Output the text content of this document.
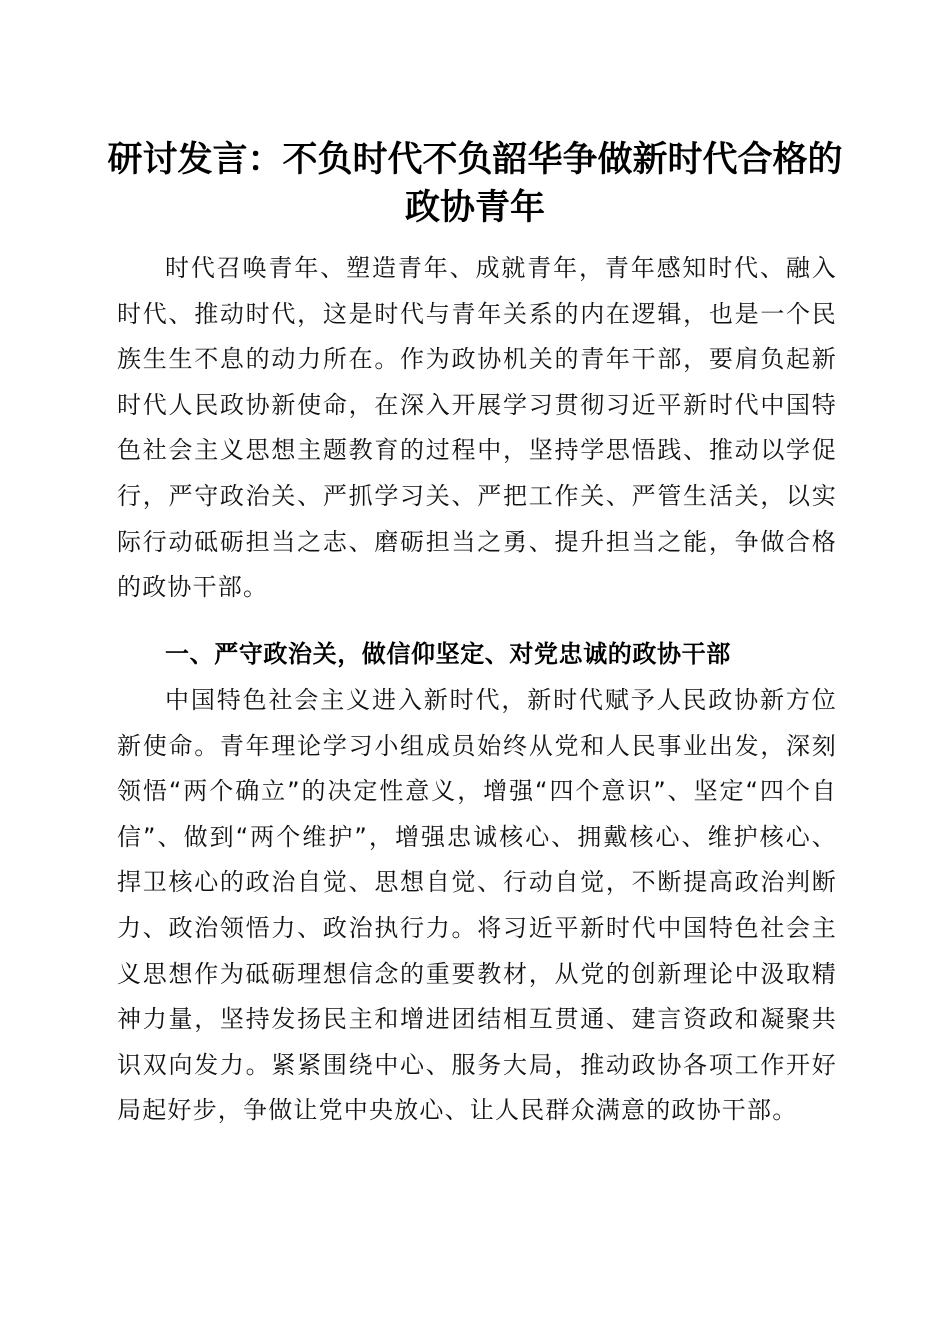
研讨发言：不负时代不负韶华争做新时代合格的政协青年

时代召唤青年、塑造青年、成就青年，青年感知时代、融入时代、推动时代，这是时代与青年关系的内在逻辑，也是一个民族生生不息的动力所在。作为政协机关的青年干部，要肩负起新时代人民政协新使命，在深入开展学习贯彻习近平新时代中国特色社会主义思想主题教育的过程中，坚持学思悟践、推动以学促行，严守政治关、严抓学习关、严把工作关、严管生活关，以实际行动砥砺担当之志、磨砺担当之勇、提升担当之能，争做合格的政协干部。

一、严守政治关，做信仰坚定、对党忠诚的政协干部

中国特色社会主义进入新时代，新时代赋予人民政协新方位新使命。青年理论学习小组成员始终从党和人民事业出发，深刻领悟“两个确立”的决定性意义，增强“四个意识”、坚定“四个自信”、做到“两个维护”，增强忠诚核心、拥戴核心、维护核心、捍卫核心的政治自觉、思想自觉、行动自觉，不断提高政治判断力、政治领悟力、政治执行力。将习近平新时代中国特色社会主义思想作为砥砺理想信念的重要教材，从党的创新理论中汲取精神力量，坚持发扬民主和增进团结相互贯通、建言资政和凝聚共识双向发力。紧紧围绕中心、服务大局，推动政协各项工作开好局起好步，争做让党中央放心、让人民群众满意的政协干部。
